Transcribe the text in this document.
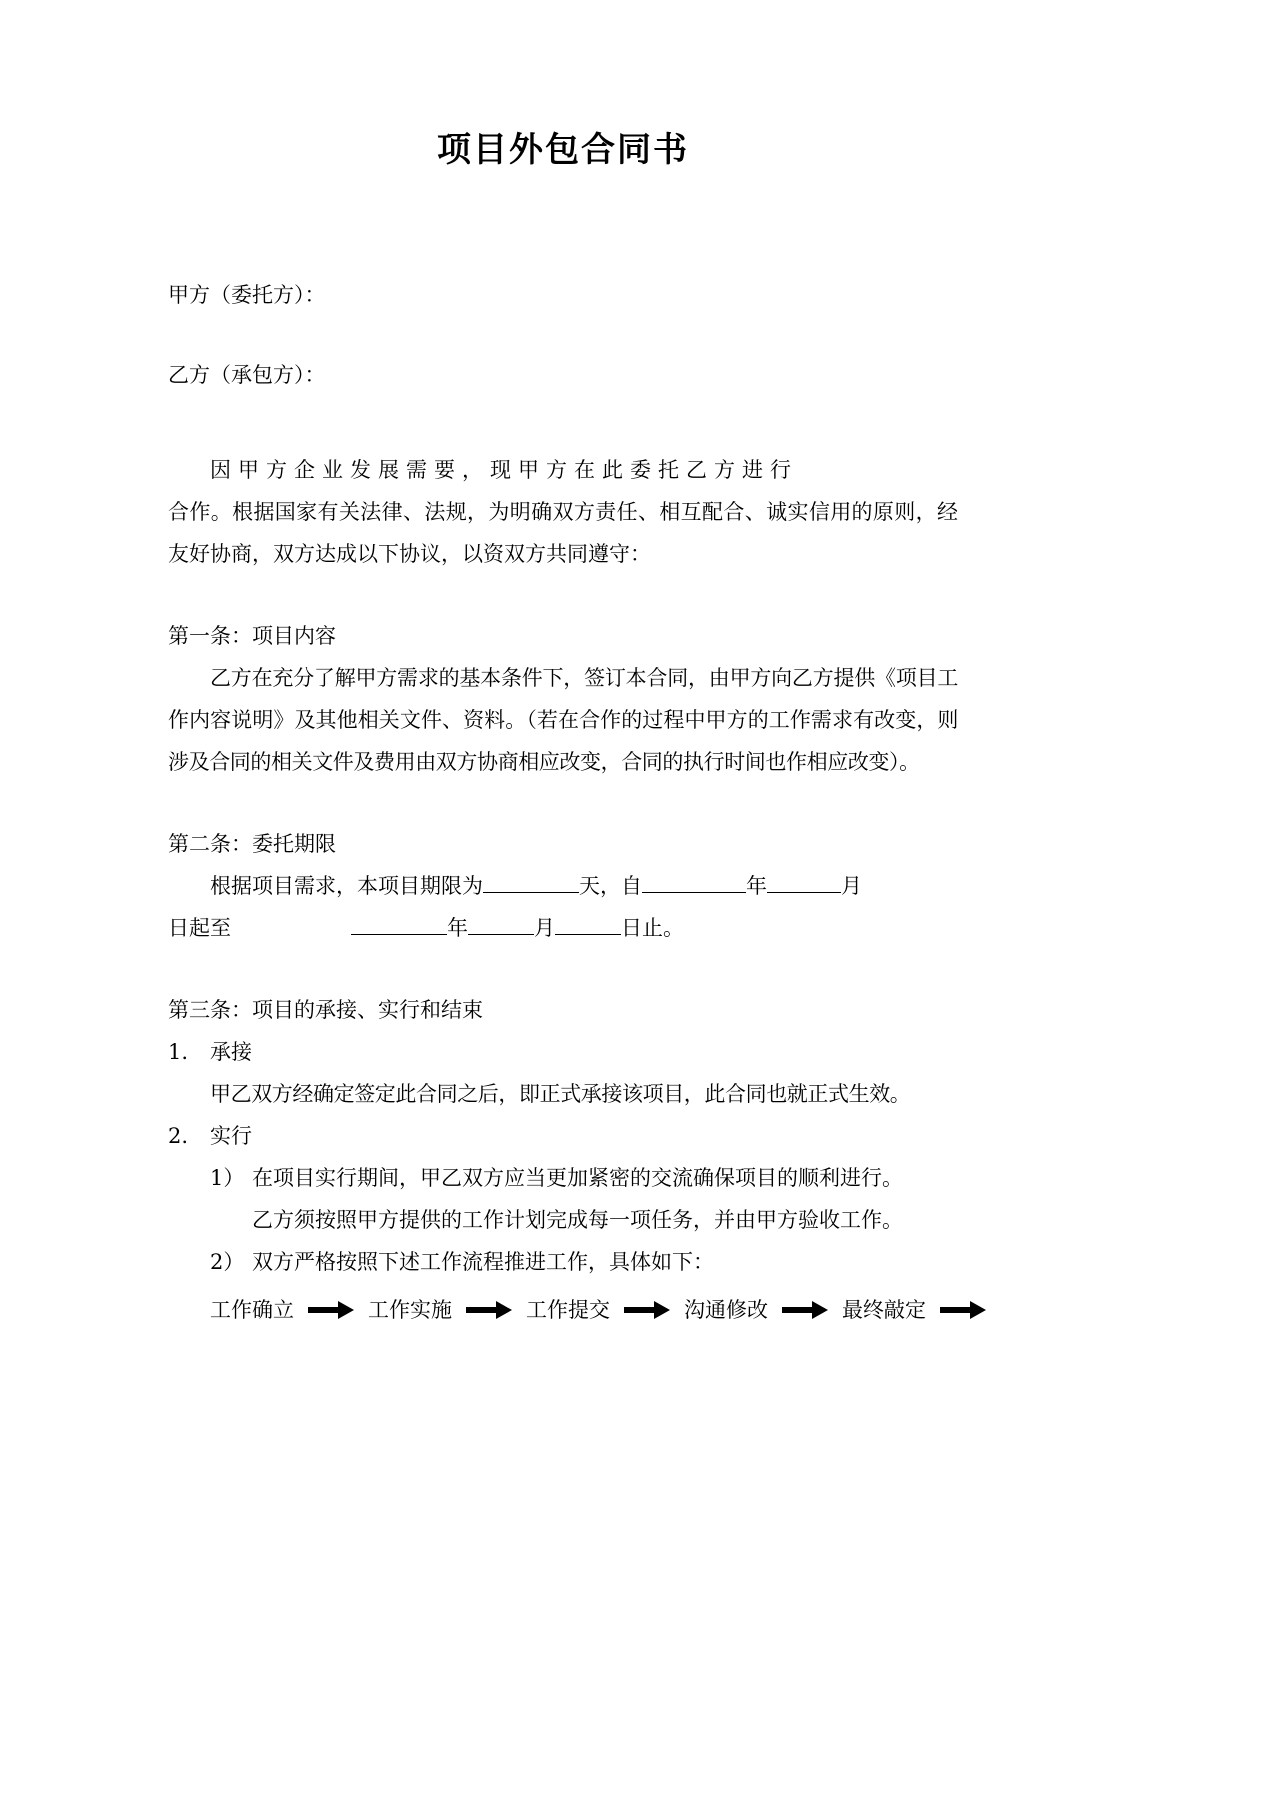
项目外包合同书

甲方（委托方）：

乙方（承包方）：

因甲方企业发展需要，现甲方在此委托乙方进行
合作。根据国家有关法律、法规，为明确双方责任、相互配合、诚实信用的原则，经友好协商，双方达成以下协议，以资双方共同遵守：

第一条：项目内容

乙方在充分了解甲方需求的基本条件下，签订本合同，由甲方向乙方提供《项目工作内容说明》及其他相关文件、资料。（若在合作的过程中甲方的工作需求有改变，则涉及合同的相关文件及费用由双方协商相应改变，合同的执行时间也作相应改变）。

第二条：委托期限

根据项目需求，本项目期限为	天，自	年	月

日起至	年	月	日止。

第三条：项目的承接、实行和结束

1.	承接

甲乙双方经确定签定此合同之后，即正式承接该项目，此合同也就正式生效。

2.	实行
1） 在项目实行期间，甲乙双方应当更加紧密的交流确保项目的顺利进行。

乙方须按照甲方提供的工作计划完成每一项任务，并由甲方验收工作。

2） 双方严格按照下述工作流程推进工作，具体如下：
工作确立	工作实施	工作提交	沟通修改	最终敲定
